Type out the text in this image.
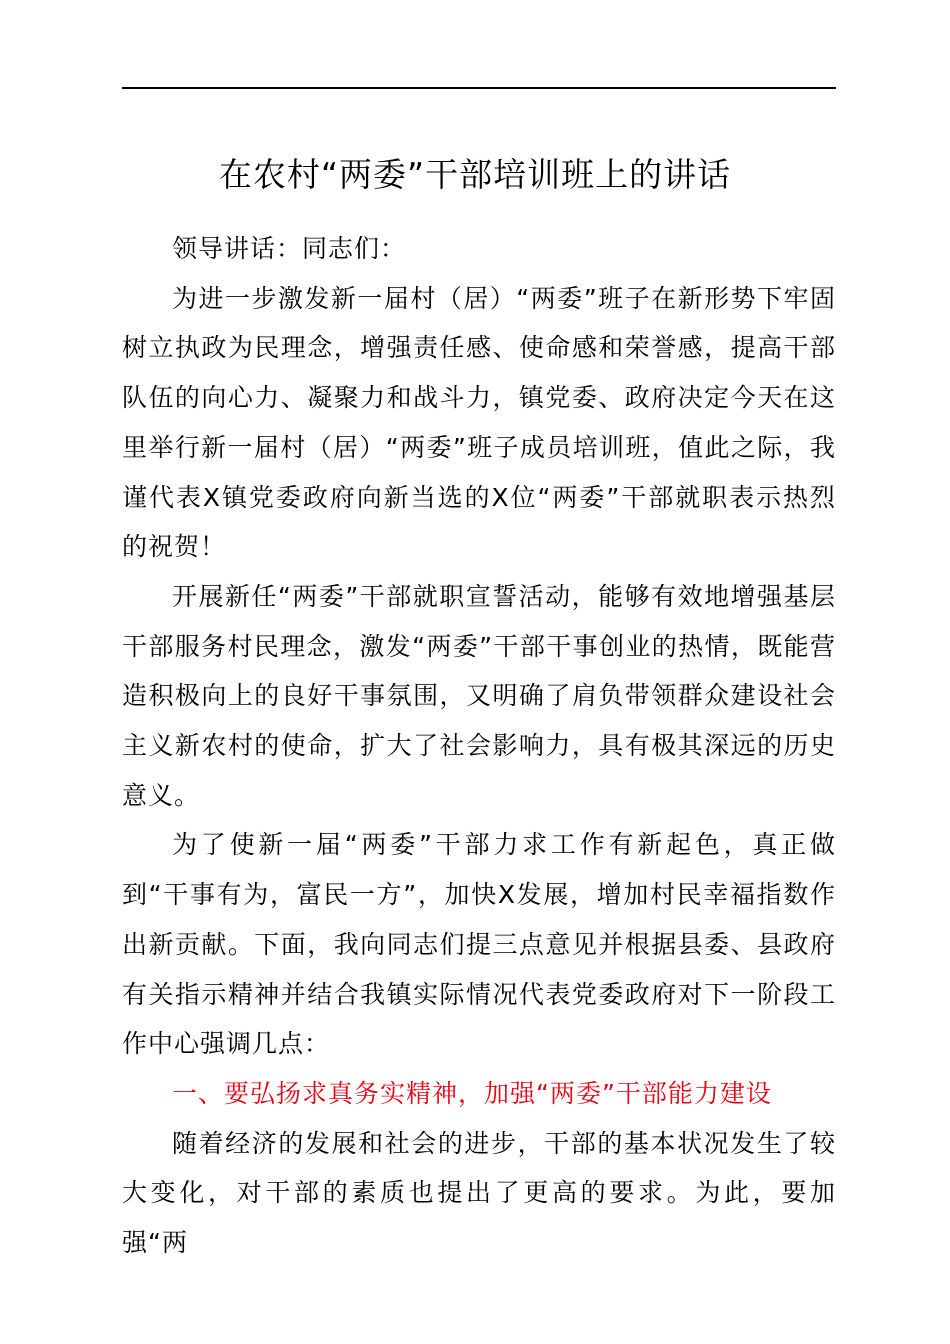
在农村“两委”干部培训班上的讲话

领导讲话：同志们：

为进一步激发新一届村（居）“两委”班子在新形势下牢固树立执政为民理念，增强责任感、使命感和荣誉感，提高干部队伍的向心力、凝聚力和战斗力，镇党委、政府决定今天在这里举行新一届村（居）“两委”班子成员培训班，值此之际，我谨代表X镇党委政府向新当选的X位“两委”干部就职表示热烈的祝贺！

开展新任“两委”干部就职宣誓活动，能够有效地增强基层干部服务村民理念，激发“两委”干部干事创业的热情，既能营造积极向上的良好干事氛围，又明确了肩负带领群众建设社会主义新农村的使命，扩大了社会影响力，具有极其深远的历史意义。

为了使新一届“两委”干部力求工作有新起色，真正做到“干事有为，富民一方”，加快X发展，增加村民幸福指数作出新贡献。下面，我向同志们提三点意见并根据县委、县政府有关指示精神并结合我镇实际情况代表党委政府对下一阶段工作中心强调几点：

一、要弘扬求真务实精神，加强“两委”干部能力建设

随着经济的发展和社会的进步，干部的基本状况发生了较大变化，对干部的素质也提出了更高的要求。为此，要加强“两
